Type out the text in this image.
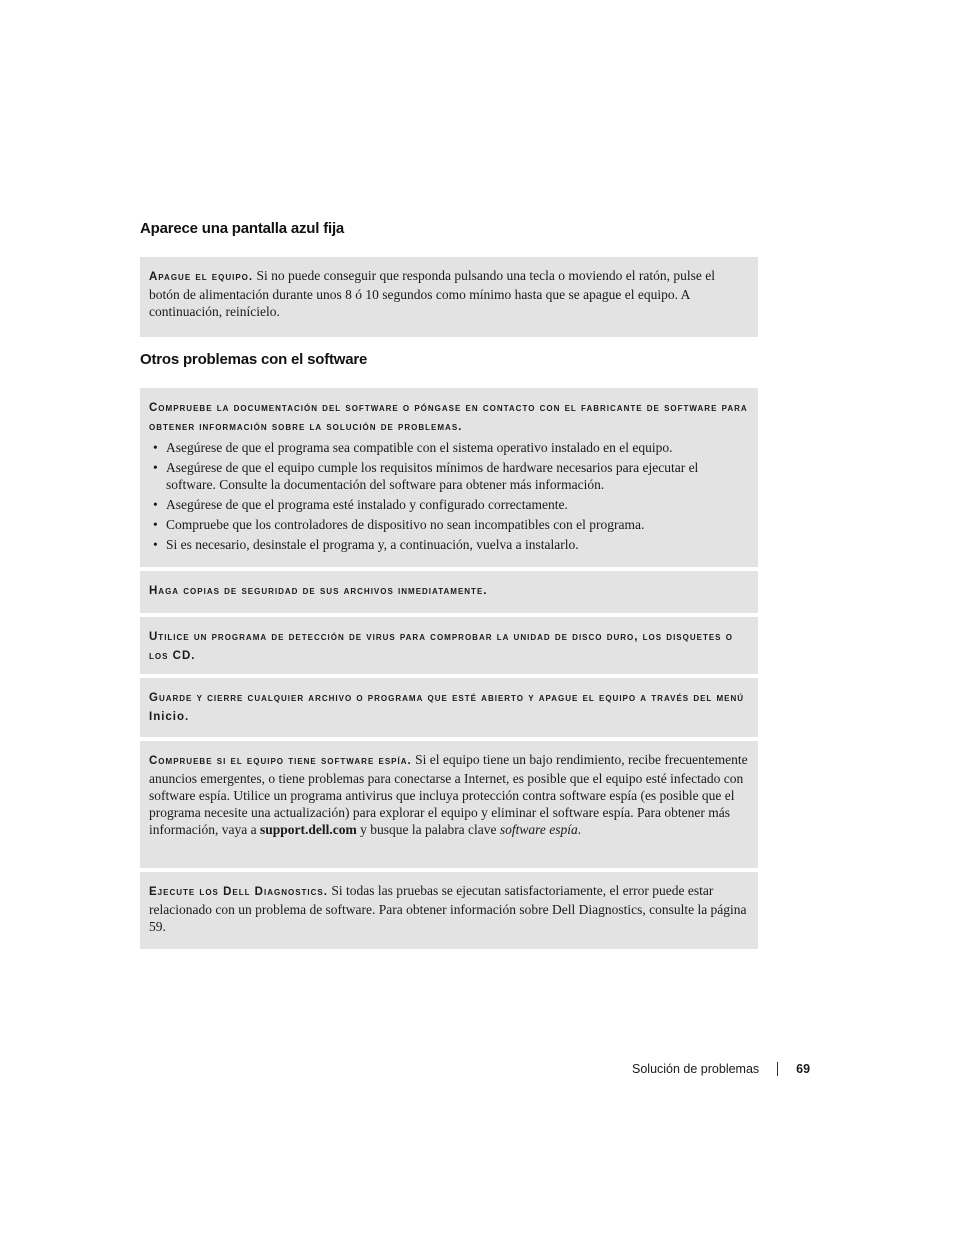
Aparece una pantalla azul fija

Apague el equipo. Si no puede conseguir que responda pulsando una tecla o moviendo el ratón, pulse el botón de alimentación durante unos 8 ó 10 segundos como mínimo hasta que se apague el equipo. A continuación, reinícielo.

Otros problemas con el software

Compruebe la documentación del software o póngase en contacto con el fabricante de software para obtener información sobre la solución de problemas.

• Asegúrese de que el programa sea compatible con el sistema operativo instalado en el equipo.
• Asegúrese de que el equipo cumple los requisitos mínimos de hardware necesarios para ejecutar el software. Consulte la documentación del software para obtener más información.
• Asegúrese de que el programa esté instalado y configurado correctamente.
• Compruebe que los controladores de dispositivo no sean incompatibles con el programa.
• Si es necesario, desinstale el programa y, a continuación, vuelva a instalarlo.

Haga copias de seguridad de sus archivos inmediatamente.

Utilice un programa de detección de virus para comprobar la unidad de disco duro, los disquetes o los CD.

Guarde y cierre cualquier archivo o programa que esté abierto y apague el equipo a través del menú Inicio.

Compruebe si el equipo tiene software espía. Si el equipo tiene un bajo rendimiento, recibe frecuentemente anuncios emergentes, o tiene problemas para conectarse a Internet, es posible que el equipo esté infectado con software espía. Utilice un programa antivirus que incluya protección contra software espía (es posible que el programa necesite una actualización) para explorar el equipo y eliminar el software espía. Para obtener más información, vaya a support.dell.com y busque la palabra clave software espía.

Ejecute los Dell Diagnostics. Si todas las pruebas se ejecutan satisfactoriamente, el error puede estar relacionado con un problema de software. Para obtener información sobre Dell Diagnostics, consulte la página 59.

Solución de problemas	69
